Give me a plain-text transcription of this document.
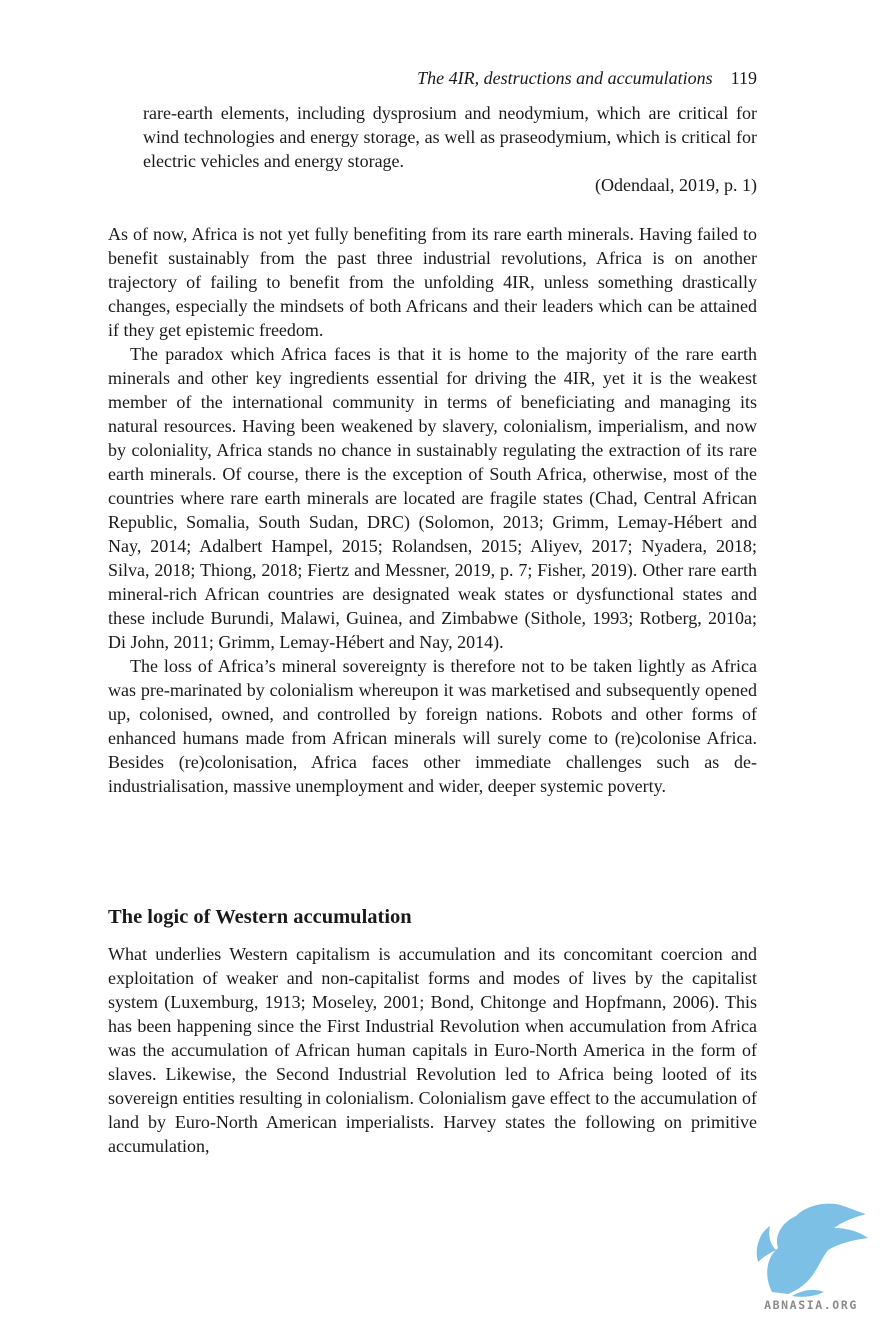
The 4IR, destructions and accumulations 119
rare-earth elements, including dysprosium and neodymium, which are critical for wind technologies and energy storage, as well as praseodymium, which is critical for electric vehicles and energy storage.
(Odendaal, 2019, p. 1)

As of now, Africa is not yet fully benefiting from its rare earth minerals. Having failed to benefit sustainably from the past three industrial revolutions, Africa is on another trajectory of failing to benefit from the unfolding 4IR, unless something drastically changes, especially the mindsets of both Africans and their leaders which can be attained if they get epistemic freedom.

The paradox which Africa faces is that it is home to the majority of the rare earth minerals and other key ingredients essential for driving the 4IR, yet it is the weakest member of the international community in terms of beneficiating and managing its natural resources. Having been weakened by slavery, colonialism, imperialism, and now by coloniality, Africa stands no chance in sustainably regulating the extraction of its rare earth minerals. Of course, there is the exception of South Africa, otherwise, most of the countries where rare earth minerals are located are fragile states (Chad, Central African Republic, Somalia, South Sudan, DRC) (Solomon, 2013; Grimm, Lemay-Hébert and Nay, 2014; Adalbert Hampel, 2015; Rolandsen, 2015; Aliyev, 2017; Nyadera, 2018; Silva, 2018; Thiong, 2018; Fiertz and Messner, 2019, p. 7; Fisher, 2019). Other rare earth mineral-rich African countries are designated weak states or dysfunctional states and these include Burundi, Malawi, Guinea, and Zimbabwe (Sithole, 1993; Rotberg, 2010a; Di John, 2011; Grimm, Lemay-Hébert and Nay, 2014).

The loss of Africa’s mineral sovereignty is therefore not to be taken lightly as Africa was pre-marinated by colonialism whereupon it was marketised and subsequently opened up, colonised, owned, and controlled by foreign nations. Robots and other forms of enhanced humans made from African minerals will surely come to (re)colonise Africa. Besides (re)colonisation, Africa faces other immediate challenges such as de-industrialisation, massive unemployment and wider, deeper systemic poverty.

The logic of Western accumulation

What underlies Western capitalism is accumulation and its concomitant coercion and exploitation of weaker and non-capitalist forms and modes of lives by the capitalist system (Luxemburg, 1913; Moseley, 2001; Bond, Chitonge and Hopfmann, 2006). This has been happening since the First Industrial Revolution when accumulation from Africa was the accumulation of African human capitals in Euro-North America in the form of slaves. Likewise, the Second Industrial Revolution led to Africa being looted of its sovereign entities resulting in colonialism. Colonialism gave effect to the accumulation of land by Euro-North American imperialists. Harvey states the following on primitive accumulation,

ABNASIA.ORG
